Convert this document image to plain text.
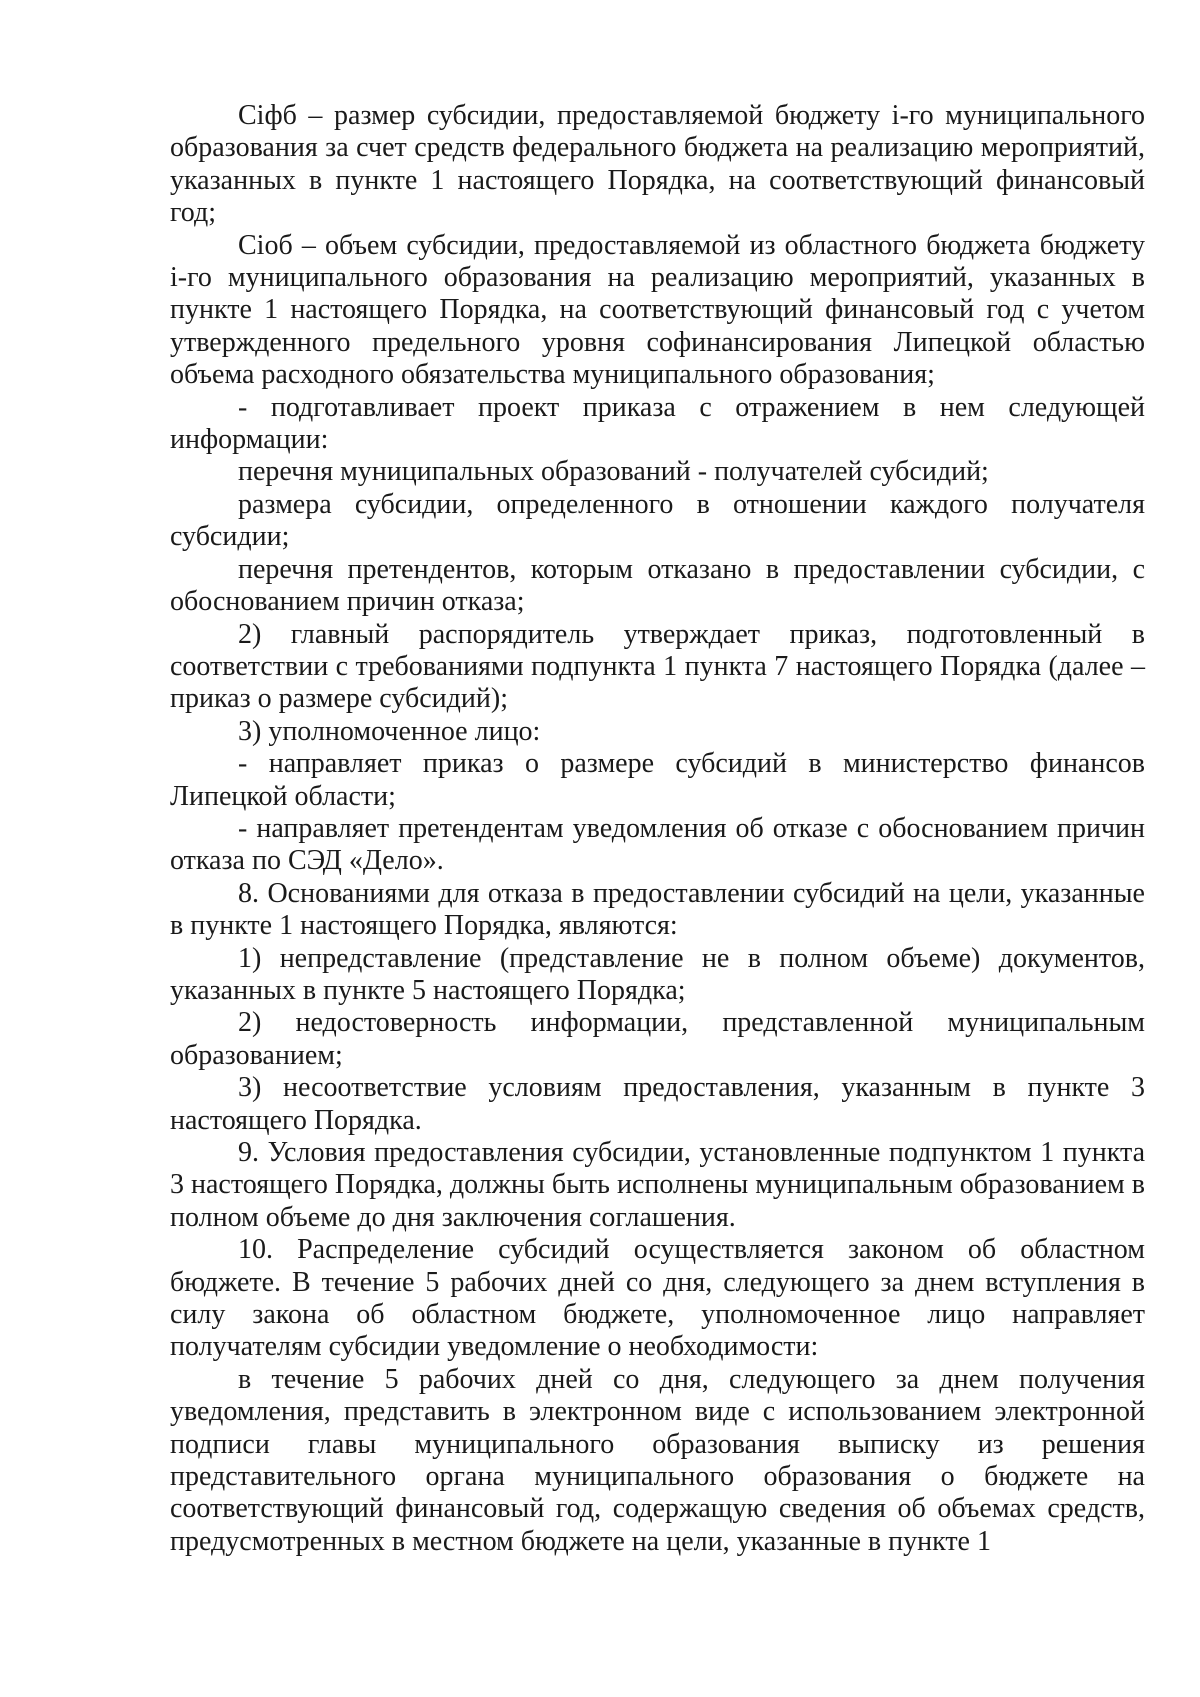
Сiфб – размер субсидии, предоставляемой бюджету i-го муниципального образования за счет средств федерального бюджета на реализацию мероприятий, указанных в пункте 1 настоящего Порядка, на соответствующий финансовый год;

Сiоб – объем субсидии, предоставляемой из областного бюджета бюджету i-го муниципального образования на реализацию мероприятий, указанных в пункте 1 настоящего Порядка, на соответствующий финансовый год с учетом утвержденного предельного уровня софинансирования Липецкой областью объема расходного обязательства муниципального образования;

- подготавливает проект приказа с отражением в нем следующей информации:

перечня муниципальных образований - получателей субсидий;

размера субсидии, определенного в отношении каждого получателя субсидии;

перечня претендентов, которым отказано в предоставлении субсидии, с обоснованием причин отказа;

2) главный распорядитель утверждает приказ, подготовленный в соответствии с требованиями подпункта 1 пункта 7 настоящего Порядка (далее – приказ о размере субсидий);

3) уполномоченное лицо:

- направляет приказ о размере субсидий в министерство финансов Липецкой области;

- направляет претендентам уведомления об отказе с обоснованием причин отказа по СЭД «Дело».

8. Основаниями для отказа в предоставлении субсидий на цели, указанные в пункте 1 настоящего Порядка, являются:

1) непредставление (представление не в полном объеме) документов, указанных в пункте 5 настоящего Порядка;

2) недостоверность информации, представленной муниципальным образованием;

3) несоответствие условиям предоставления, указанным в пункте 3 настоящего Порядка.

9. Условия предоставления субсидии, установленные подпунктом 1 пункта 3 настоящего Порядка, должны быть исполнены муниципальным образованием в полном объеме до дня заключения соглашения.

10. Распределение субсидий осуществляется законом об областном бюджете. В течение 5 рабочих дней со дня, следующего за днем вступления в силу закона об областном бюджете, уполномоченное лицо направляет получателям субсидии уведомление о необходимости:

в течение 5 рабочих дней со дня, следующего за днем получения уведомления, представить в электронном виде с использованием электронной подписи главы муниципального образования выписку из решения представительного органа муниципального образования о бюджете на соответствующий финансовый год, содержащую сведения об объемах средств, предусмотренных в местном бюджете на цели, указанные в пункте 1
